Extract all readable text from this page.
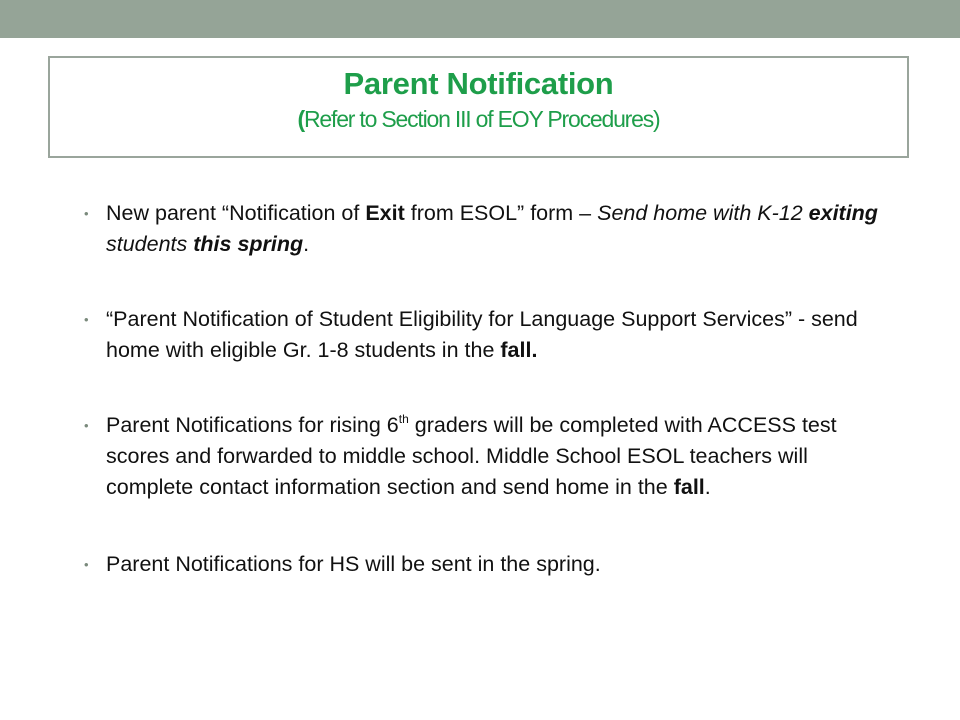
Parent Notification
(Refer to Section III of EOY Procedures)
• New parent “Notification of Exit from ESOL” form – Send home with K-12 exiting students this spring.
• “Parent Notification of Student Eligibility for Language Support Services” - send home with eligible Gr. 1-8 students in the fall.
• Parent Notifications for rising 6th graders will be completed with ACCESS test scores and forwarded to middle school. Middle School ESOL teachers will complete contact information section and send home in the fall.
• Parent Notifications for HS will be sent in the spring.
